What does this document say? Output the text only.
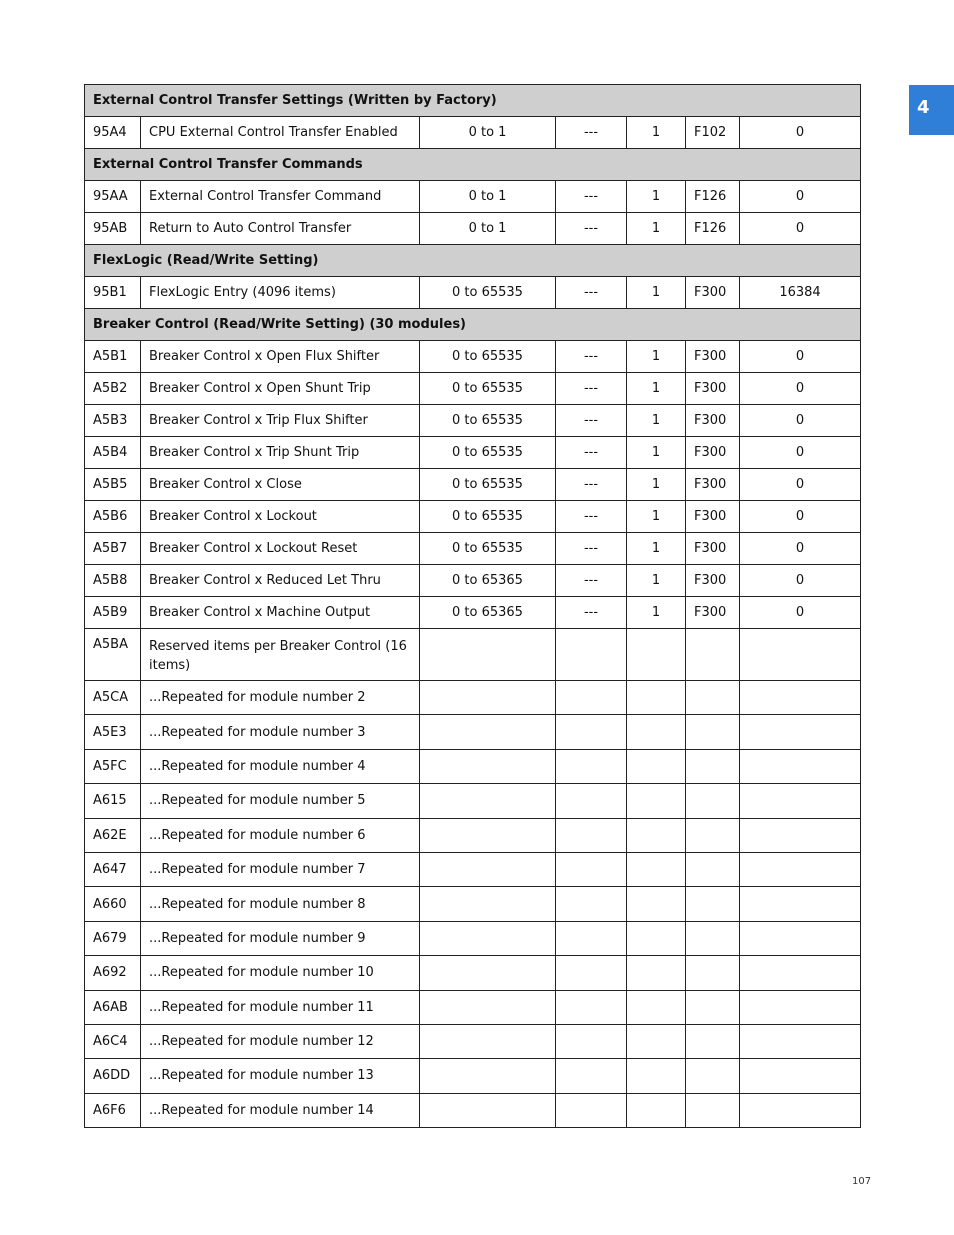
4
External Control Transfer Settings (Written by Factory)						
95A4	CPU External Control Transfer Enabled	0 to 1	---	1	F102	0
External Control Transfer Commands						
95AA	External Control Transfer Command	0 to 1	---	1	F126	0
95AB	Return to Auto Control Transfer	0 to 1	---	1	F126	0
FlexLogic (Read/Write Setting)						
95B1	FlexLogic Entry (4096 items)	0 to 65535	---	1	F300	16384
Breaker Control (Read/Write Setting) (30 modules)						
A5B1	Breaker Control x Open Flux Shifter	0 to 65535	---	1	F300	0
A5B2	Breaker Control x Open Shunt Trip	0 to 65535	---	1	F300	0
A5B3	Breaker Control x Trip Flux Shifter	0 to 65535	---	1	F300	0
A5B4	Breaker Control x Trip Shunt Trip	0 to 65535	---	1	F300	0
A5B5	Breaker Control x Close	0 to 65535	---	1	F300	0
A5B6	Breaker Control x Lockout	0 to 65535	---	1	F300	0
A5B7	Breaker Control x Lockout Reset	0 to 65535	---	1	F300	0
A5B8	Breaker Control x Reduced Let Thru	0 to 65365	---	1	F300	0
A5B9	Breaker Control x Machine Output	0 to 65365	---	1	F300	0
A5BA	Reserved items per Breaker Control (16 items)					
A5CA	...Repeated for module number 2					
A5E3	...Repeated for module number 3					
A5FC	...Repeated for module number 4					
A615	...Repeated for module number 5					
A62E	...Repeated for module number 6					
A647	...Repeated for module number 7					
A660	...Repeated for module number 8					
A679	...Repeated for module number 9					
A692	...Repeated for module number 10					
A6AB	...Repeated for module number 11					
A6C4	...Repeated for module number 12					
A6DD	...Repeated for module number 13					
A6F6	...Repeated for module number 14					
107
